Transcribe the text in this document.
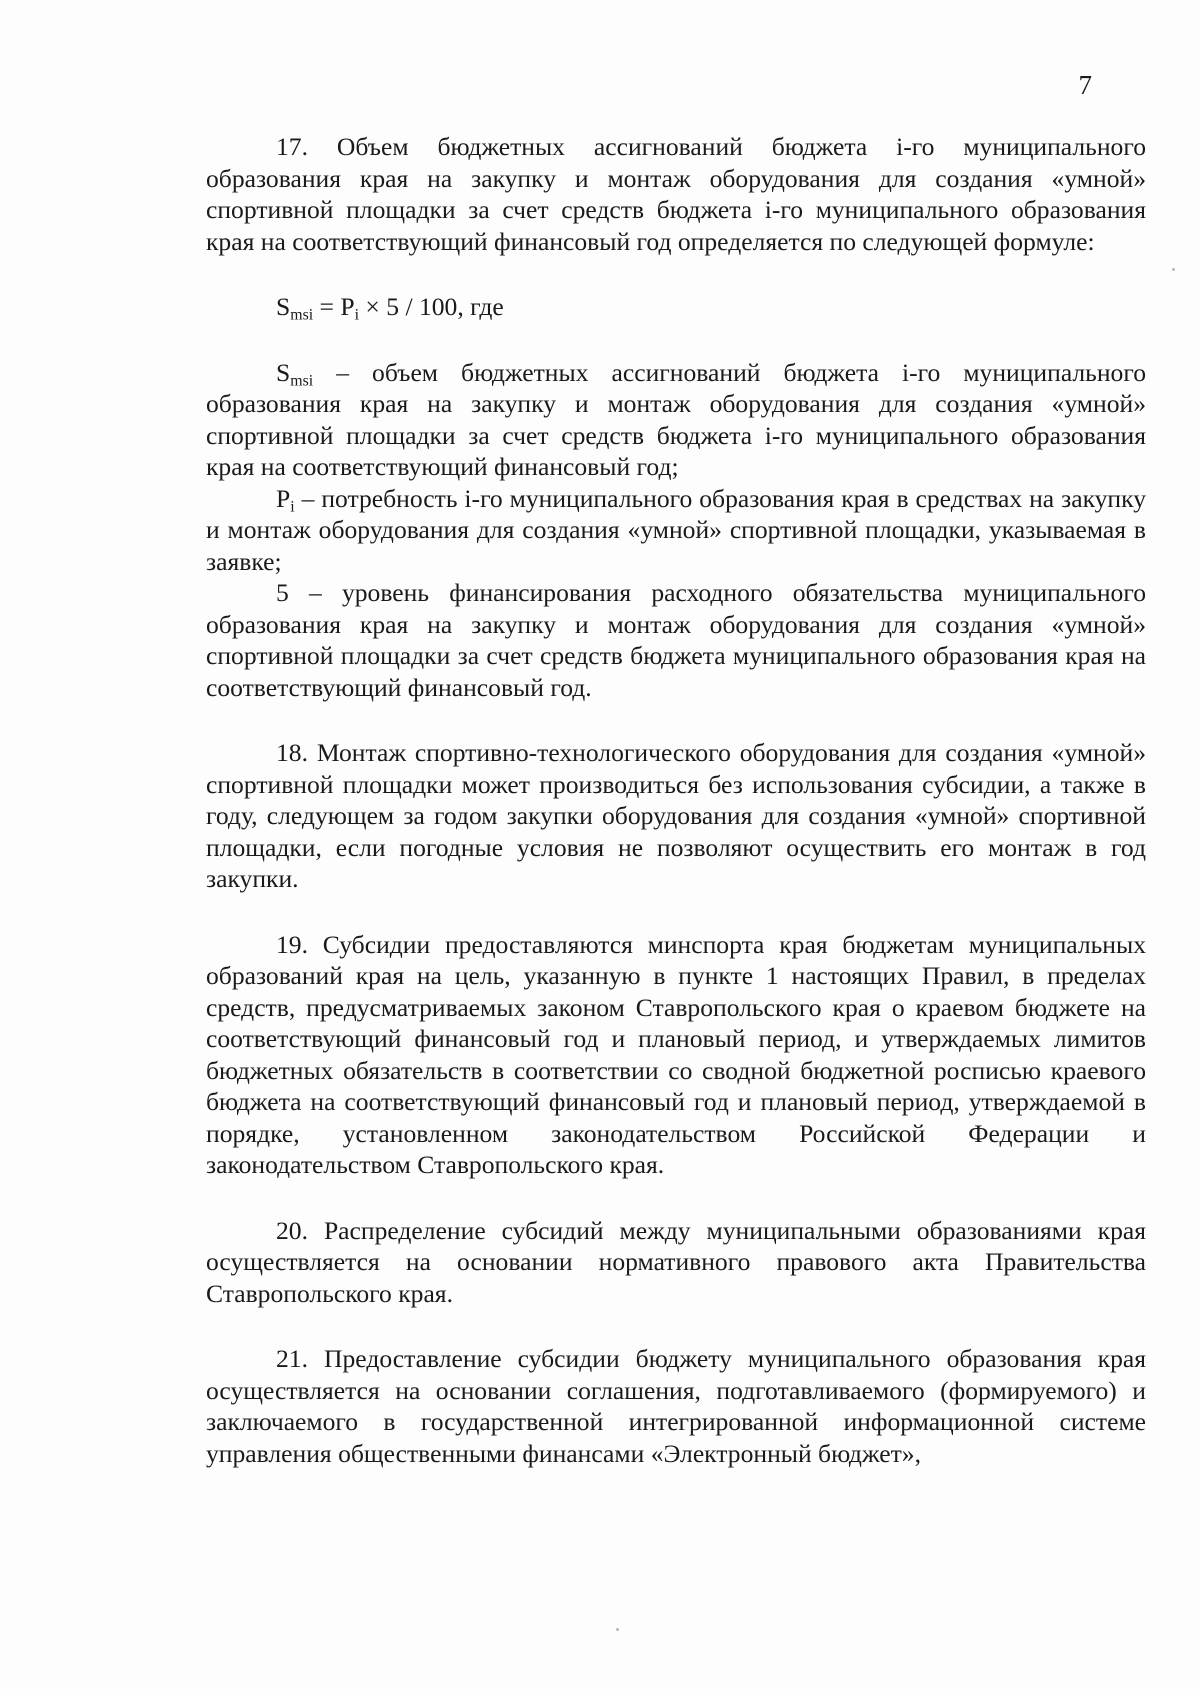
7

17. Объем бюджетных ассигнований бюджета i-го муниципального образования края на закупку и монтаж оборудования для создания «умной» спортивной площадки за счет средств бюджета i-го муниципального образования края на соответствующий финансовый год определяется по следующей формуле:

$S_{msi} = P_i \times 5 / 100$, где

$S_{msi}$ – объем бюджетных ассигнований бюджета i-го муниципального образования края на закупку и монтаж оборудования для создания «умной» спортивной площадки за счет средств бюджета i-го муниципального образования края на соответствующий финансовый год;

$P_i$ – потребность i-го муниципального образования края в средствах на закупку и монтаж оборудования для создания «умной» спортивной площадки, указываемая в заявке;

5 – уровень финансирования расходного обязательства муниципального образования края на закупку и монтаж оборудования для создания «умной» спортивной площадки за счет средств бюджета муниципального образования края на соответствующий финансовый год.

18. Монтаж спортивно-технологического оборудования для создания «умной» спортивной площадки может производиться без использования субсидии, а также в году, следующем за годом закупки оборудования для создания «умной» спортивной площадки, если погодные условия не позволяют осуществить его монтаж в год закупки.

19. Субсидии предоставляются минспорта края бюджетам муниципальных образований края на цель, указанную в пункте 1 настоящих Правил, в пределах средств, предусматриваемых законом Ставропольского края о краевом бюджете на соответствующий финансовый год и плановый период, и утверждаемых лимитов бюджетных обязательств в соответствии со сводной бюджетной росписью краевого бюджета на соответствующий финансовый год и плановый период, утверждаемой в порядке, установленном законодательством Российской Федерации и законодательством Ставропольского края.

20. Распределение субсидий между муниципальными образованиями края осуществляется на основании нормативного правового акта Правительства Ставропольского края.

21. Предоставление субсидии бюджету муниципального образования края осуществляется на основании соглашения, подготавливаемого (формируемого) и заключаемого в государственной интегрированной информационной системе управления общественными финансами «Электронный бюджет»,
